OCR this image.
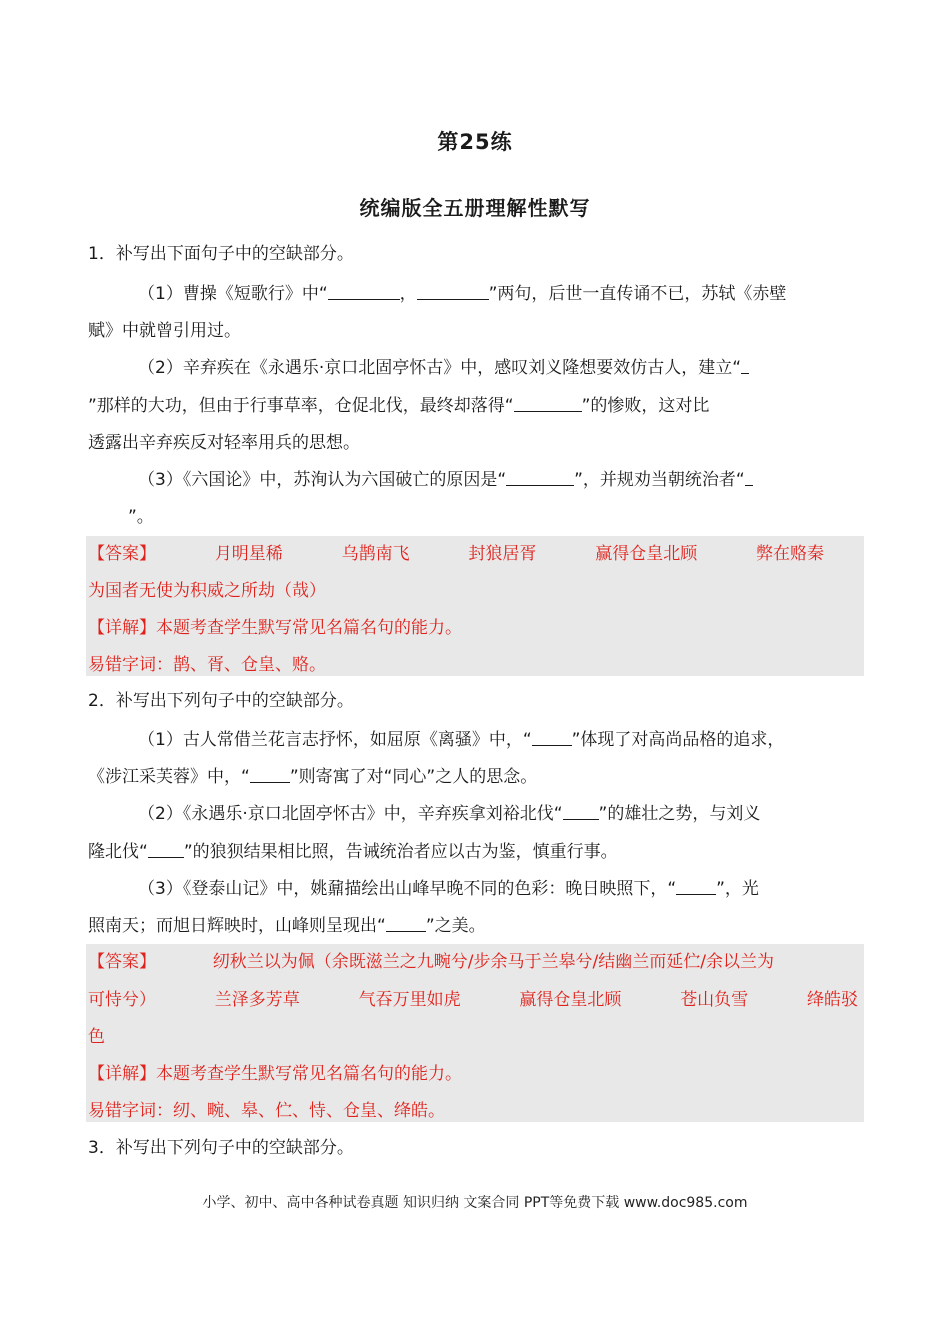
第25练
统编版全五册理解性默写
1．补写出下面句子中的空缺部分。
（1）曹操《短歌行》中“	，	”两句，后世一直传诵不已，苏轼《赤壁
赋》中就曾引用过。
（2）辛弃疾在《永遇乐·京口北固亭怀古》中，感叹刘义隆想要效仿古人，建立“
”那样的大功，但由于行事草率，仓促北伐，最终却落得“	”的惨败，这对比
透露出辛弃疾反对轻率用兵的思想。
（3）《六国论》中，苏洵认为六国破亡的原因是“	”，并规劝当朝统治者“
”。
【答案】	月明星稀	乌鹊南飞	封狼居胥	赢得仓皇北顾	弊在赂秦
为国者无使为积威之所劫（哉）
【详解】本题考查学生默写常见名篇名句的能力。
易错字词：鹊、胥、仓皇、赂。
2．补写出下列句子中的空缺部分。
（1）古人常借兰花言志抒怀，如屈原《离骚》中，“ ”体现了对高尚品格的追求，
《涉江采芙蓉》中，“ ”则寄寓了对“同心”之人的思念。
（2）《永遇乐·京口北固亭怀古》中，辛弃疾拿刘裕北伐“ ”的雄壮之势，与刘义
隆北伐“ ”的狼狈结果相比照，告诫统治者应以古为鉴，慎重行事。
（3）《登泰山记》中，姚鼐描绘出山峰早晚不同的色彩：晚日映照下，“ ”，光
照南天；而旭日辉映时，山峰则呈现出“ ”之美。
【答案】	纫秋兰以为佩（余既滋兰之九畹兮/步余马于兰皋兮/结幽兰而延伫/余以兰为
可恃兮）	兰泽多芳草	气吞万里如虎	赢得仓皇北顾	苍山负雪	绛皓驳
色
【详解】本题考查学生默写常见名篇名句的能力。
易错字词：纫、畹、皋、伫、恃、仓皇、绛皓。
3．补写出下列句子中的空缺部分。
小学、初中、高中各种试卷真题 知识归纳 文案合同 PPT等免费下载 www.doc985.com
